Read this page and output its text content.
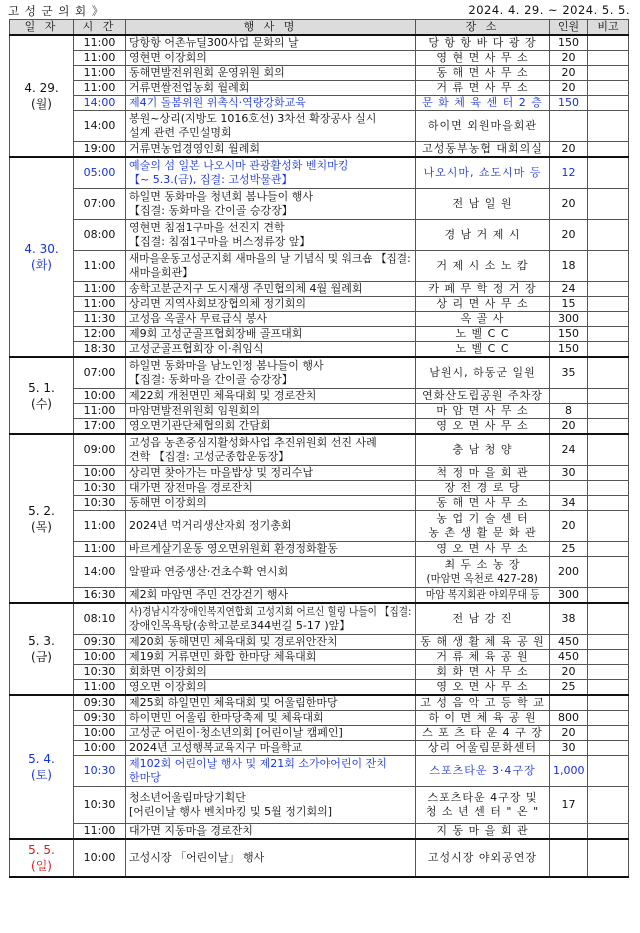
고 성 군 의 회 》	2024. 4. 29. ~ 2024. 5. 5.
일 자	시 간	행 사 명	장 소	인원	비고
4. 29.
(월)	11:00	당항항 어촌뉴딜300사업 문화의 날	당 항 항 바 다 광 장	150	
	11:00	영현면 이장회의	영 현 면 사 무 소	20	
	11:00	동해면발전위원회 운영위원 회의	동 해 면 사 무 소	20	
	11:00	거류면쌀전업농회 월례회	거 류 면 사 무 소	20	
	14:00	제4기 돌봄위원 위촉식·역량강화교육	문 화 체 육 센 터 2 층	150	
	14:00	봉원~상리(지방도 1016호선) 3차선 확장공사 실시
설계 관련 주민설명회	하이면 외원마을회관		
	19:00	거류면농업경영인회 월례회	고성동부농협 대회의실	20	
4. 30.
(화)	05:00	예술의 섬 일본 나오시마 관광활성화 벤치마킹
【~ 5.3.(금), 집결: 고성박물관】	나오시마, 쇼도시마 등	12	
	07:00	하일면 동화마을 청년회 봄나들이 행사
【집결: 동화마을 간이골 승강장】	전 남 일 원	20	
	08:00	영현면 침점1구마을 선진지 견학
【집결: 침점1구마을 버스정류장 앞】	경 남 거 제 시	20	
	11:00	새마을운동고성군지회 새마을의 날 기념식 및 워크숍 【집결:
새마을회관】	거 제 시 소 노 캄	18	
	11:00	송학고분군지구 도시재생 주민협의체 4월 월례회	카 페 무 학 정 거 장	24	
	11:00	상리면 지역사회보장협의체 정기회의	상 리 면 사 무 소	15	
	11:30	고성읍 옥골사 무료급식 봉사	옥 골 사	300	
	12:00	제9회 고성군골프협회장배 골프대회	노 벨 C C	150	
	18:30	고성군골프협회장 이·취임식	노 벨 C C	150	
5. 1.
(수)	07:00	하일면 동화마을 남노인정 봄나들이 행사
【집결: 동화마을 간이골 승강장】	남원시, 하동군 일원	35	
	10:00	제22회 개천면민 체육대회 및 경로잔치	연화산도립공원 주차장		
	11:00	마암면발전위원회 임원회의	마 암 면 사 무 소	8	
	17:00	영오면기관단체협의회 간담회	영 오 면 사 무 소	20	
5. 2.
(목)	09:00	고성읍 농촌중심지활성화사업 추진위원회 선진 사례
견학 【집결: 고성군종합운동장】	충 남 청 양	24	
	10:00	상리면 찾아가는 마을밥상 및 정리수납	척 정 마 을 회 관	30	
	10:30	대가면 장전마을 경로잔치	장 전 경 로 당		
	10:30	동해면 이장회의	동 해 면 사 무 소	34	
	11:00	2024년 먹거리생산자회 정기총회	농 업 기 술 센 터
농 촌 생 활 문 화 관	20	
	11:00	바르게살기운동 영오면위원회 환경정화활동	영 오 면 사 무 소	25	
	14:00	알팔파 연중생산·건초수확 연시회	최 두 소 농 장
(마암면 옥천로 427-28)	200	
	16:30	제2회 마암면 주민 건강걷기 행사	마암 복지회관 야외무대 등	300	
5. 3.
(금)	08:10	사)경남시각장애인복지연합회 고성지회 어르신 힐링 나들이 【집결:
장애인목욕탕(송학고분로344번길 5-17 )앞】	전 남 강 진	38	
	09:30	제20회 동해면민 체육대회 및 경로위안잔치	동 해 생 활 체 육 공 원	450	
	10:00	제19회 거류면민 화합 한마당 체육대회	거 류 체 육 공 원	450	
	10:30	회화면 이장회의	회 화 면 사 무 소	20	
	11:00	영오면 이장회의	영 오 면 사 무 소	25	
5. 4.
(토)	09:30	제25회 하일면민 체육대회 및 어울림한마당	고 성 음 악 고 등 학 교		
	09:30	하이면민 어울림 한마당축제 및 체육대회	하 이 면 체 육 공 원	800	
	10:00	고성군 어린이·청소년의회 [어린이날 캠페인]	스 포 츠 타 운 4 구 장	20	
	10:00	2024년 고성행복교육지구 마을학교	상리 어울림문화센터	30	
	10:30	제102회 어린이날 행사 및 제21회 소가야어린이 잔치
한마당	스포츠타운 3·4구장	1,000	
	10:30	청소년어울림마당기획단
[어린이날 행사 벤치마킹 및 5월 정기회의]	스포츠타운 4구장 및
청 소 년 센 터 " 온 "	17	
	11:00	대가면 지동마을 경로잔치	지 동 마 을 회 관		
5. 5.
(일)	10:00	고성시장 「어린이날」 행사	고성시장 야외공연장		
